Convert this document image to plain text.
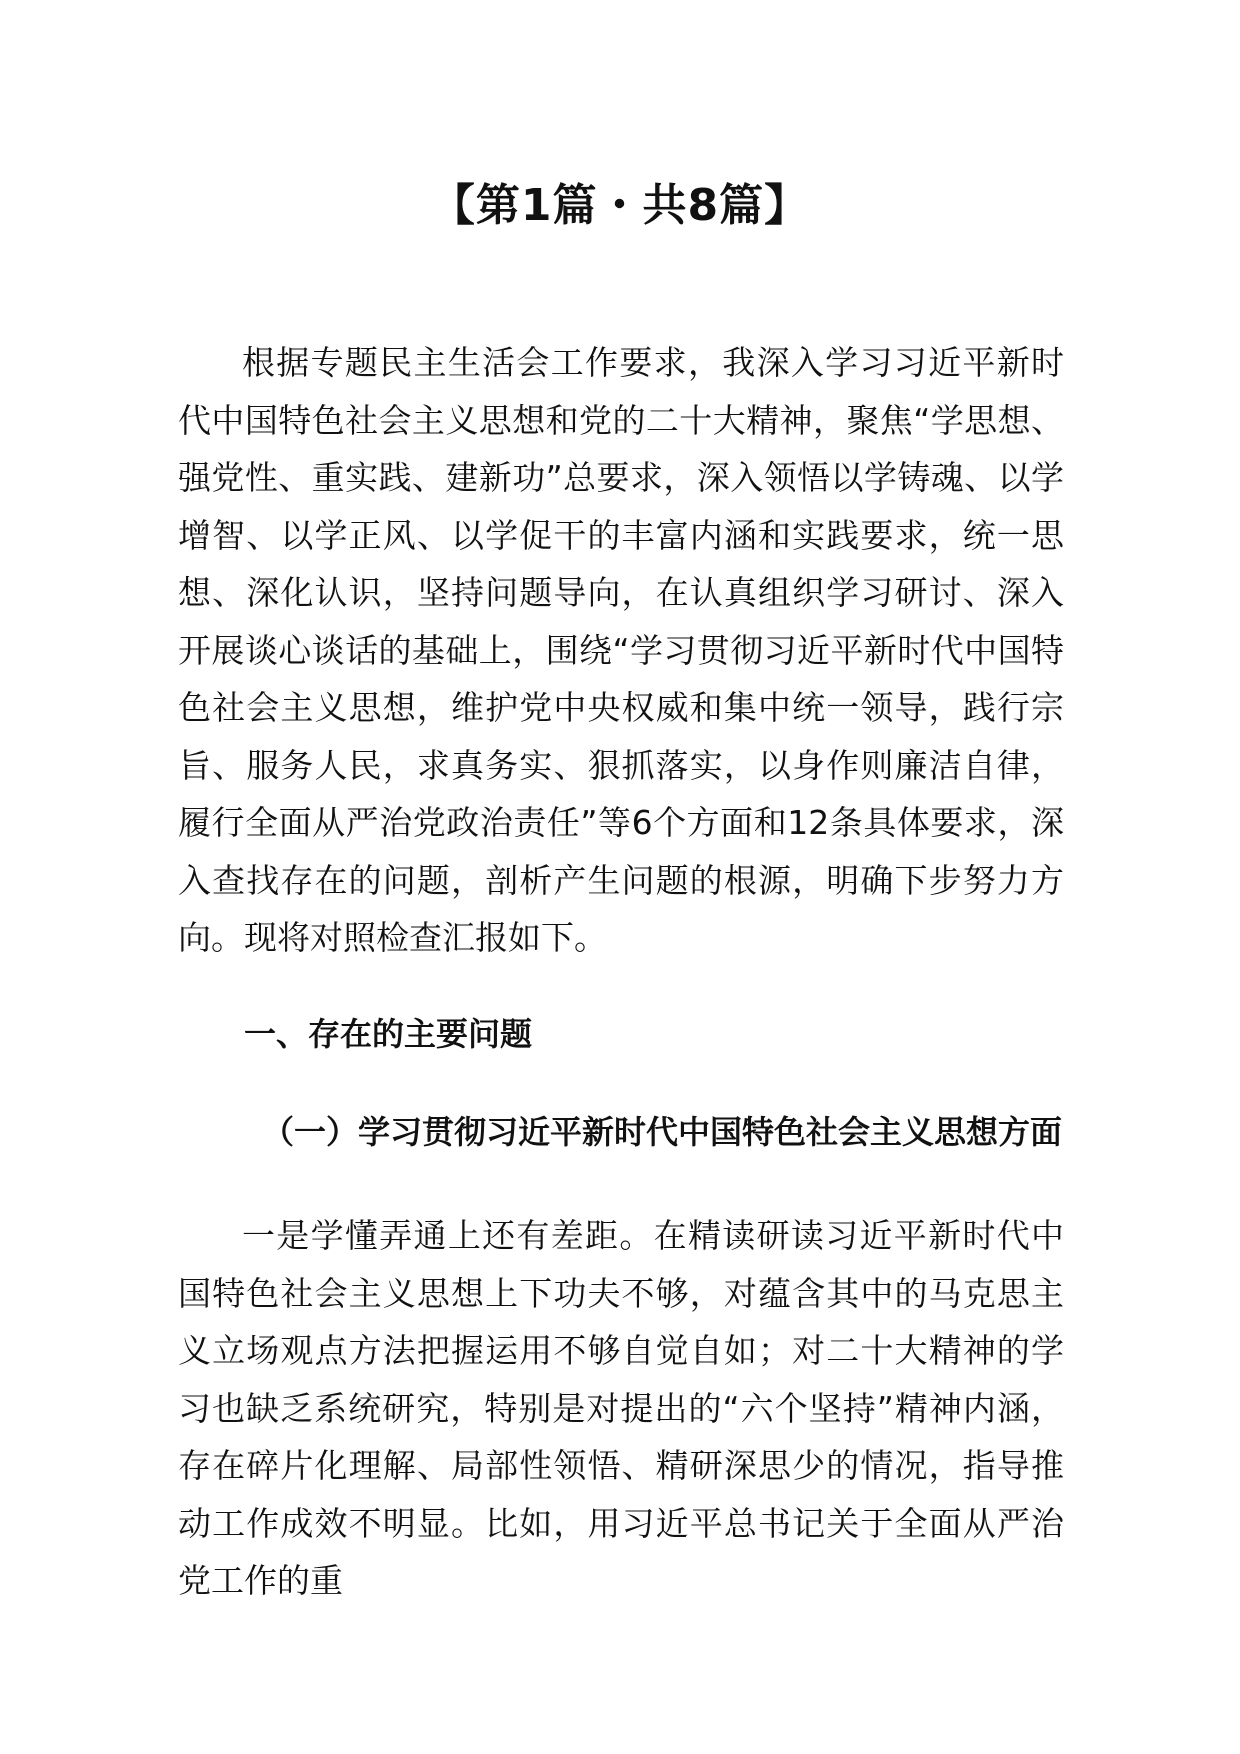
【第1篇・共8篇】

根据专题民主生活会工作要求，我深入学习习近平新时代中国特色社会主义思想和党的二十大精神，聚焦“学思想、强党性、重实践、建新功”总要求，深入领悟以学铸魂、以学增智、以学正风、以学促干的丰富内涵和实践要求，统一思想、深化认识，坚持问题导向，在认真组织学习研讨、深入开展谈心谈话的基础上，围绕“学习贯彻习近平新时代中国特色社会主义思想，维护党中央权威和集中统一领导，践行宗旨、服务人民，求真务实、狠抓落实，以身作则廉洁自律，履行全面从严治党政治责任”等6个方面和12条具体要求，深入查找存在的问题，剖析产生问题的根源，明确下步努力方向。现将对照检查汇报如下。

一、存在的主要问题
（一）学习贯彻习近平新时代中国特色社会主义思想方面

一是学懂弄通上还有差距。在精读研读习近平新时代中国特色社会主义思想上下功夫不够，对蕴含其中的马克思主义立场观点方法把握运用不够自觉自如；对二十大精神的学习也缺乏系统研究，特别是对提出的“六个坚持”精神内涵，存在碎片化理解、局部性领悟、精研深思少的情况，指导推动工作成效不明显。比如，用习近平总书记关于全面从严治党工作的重
